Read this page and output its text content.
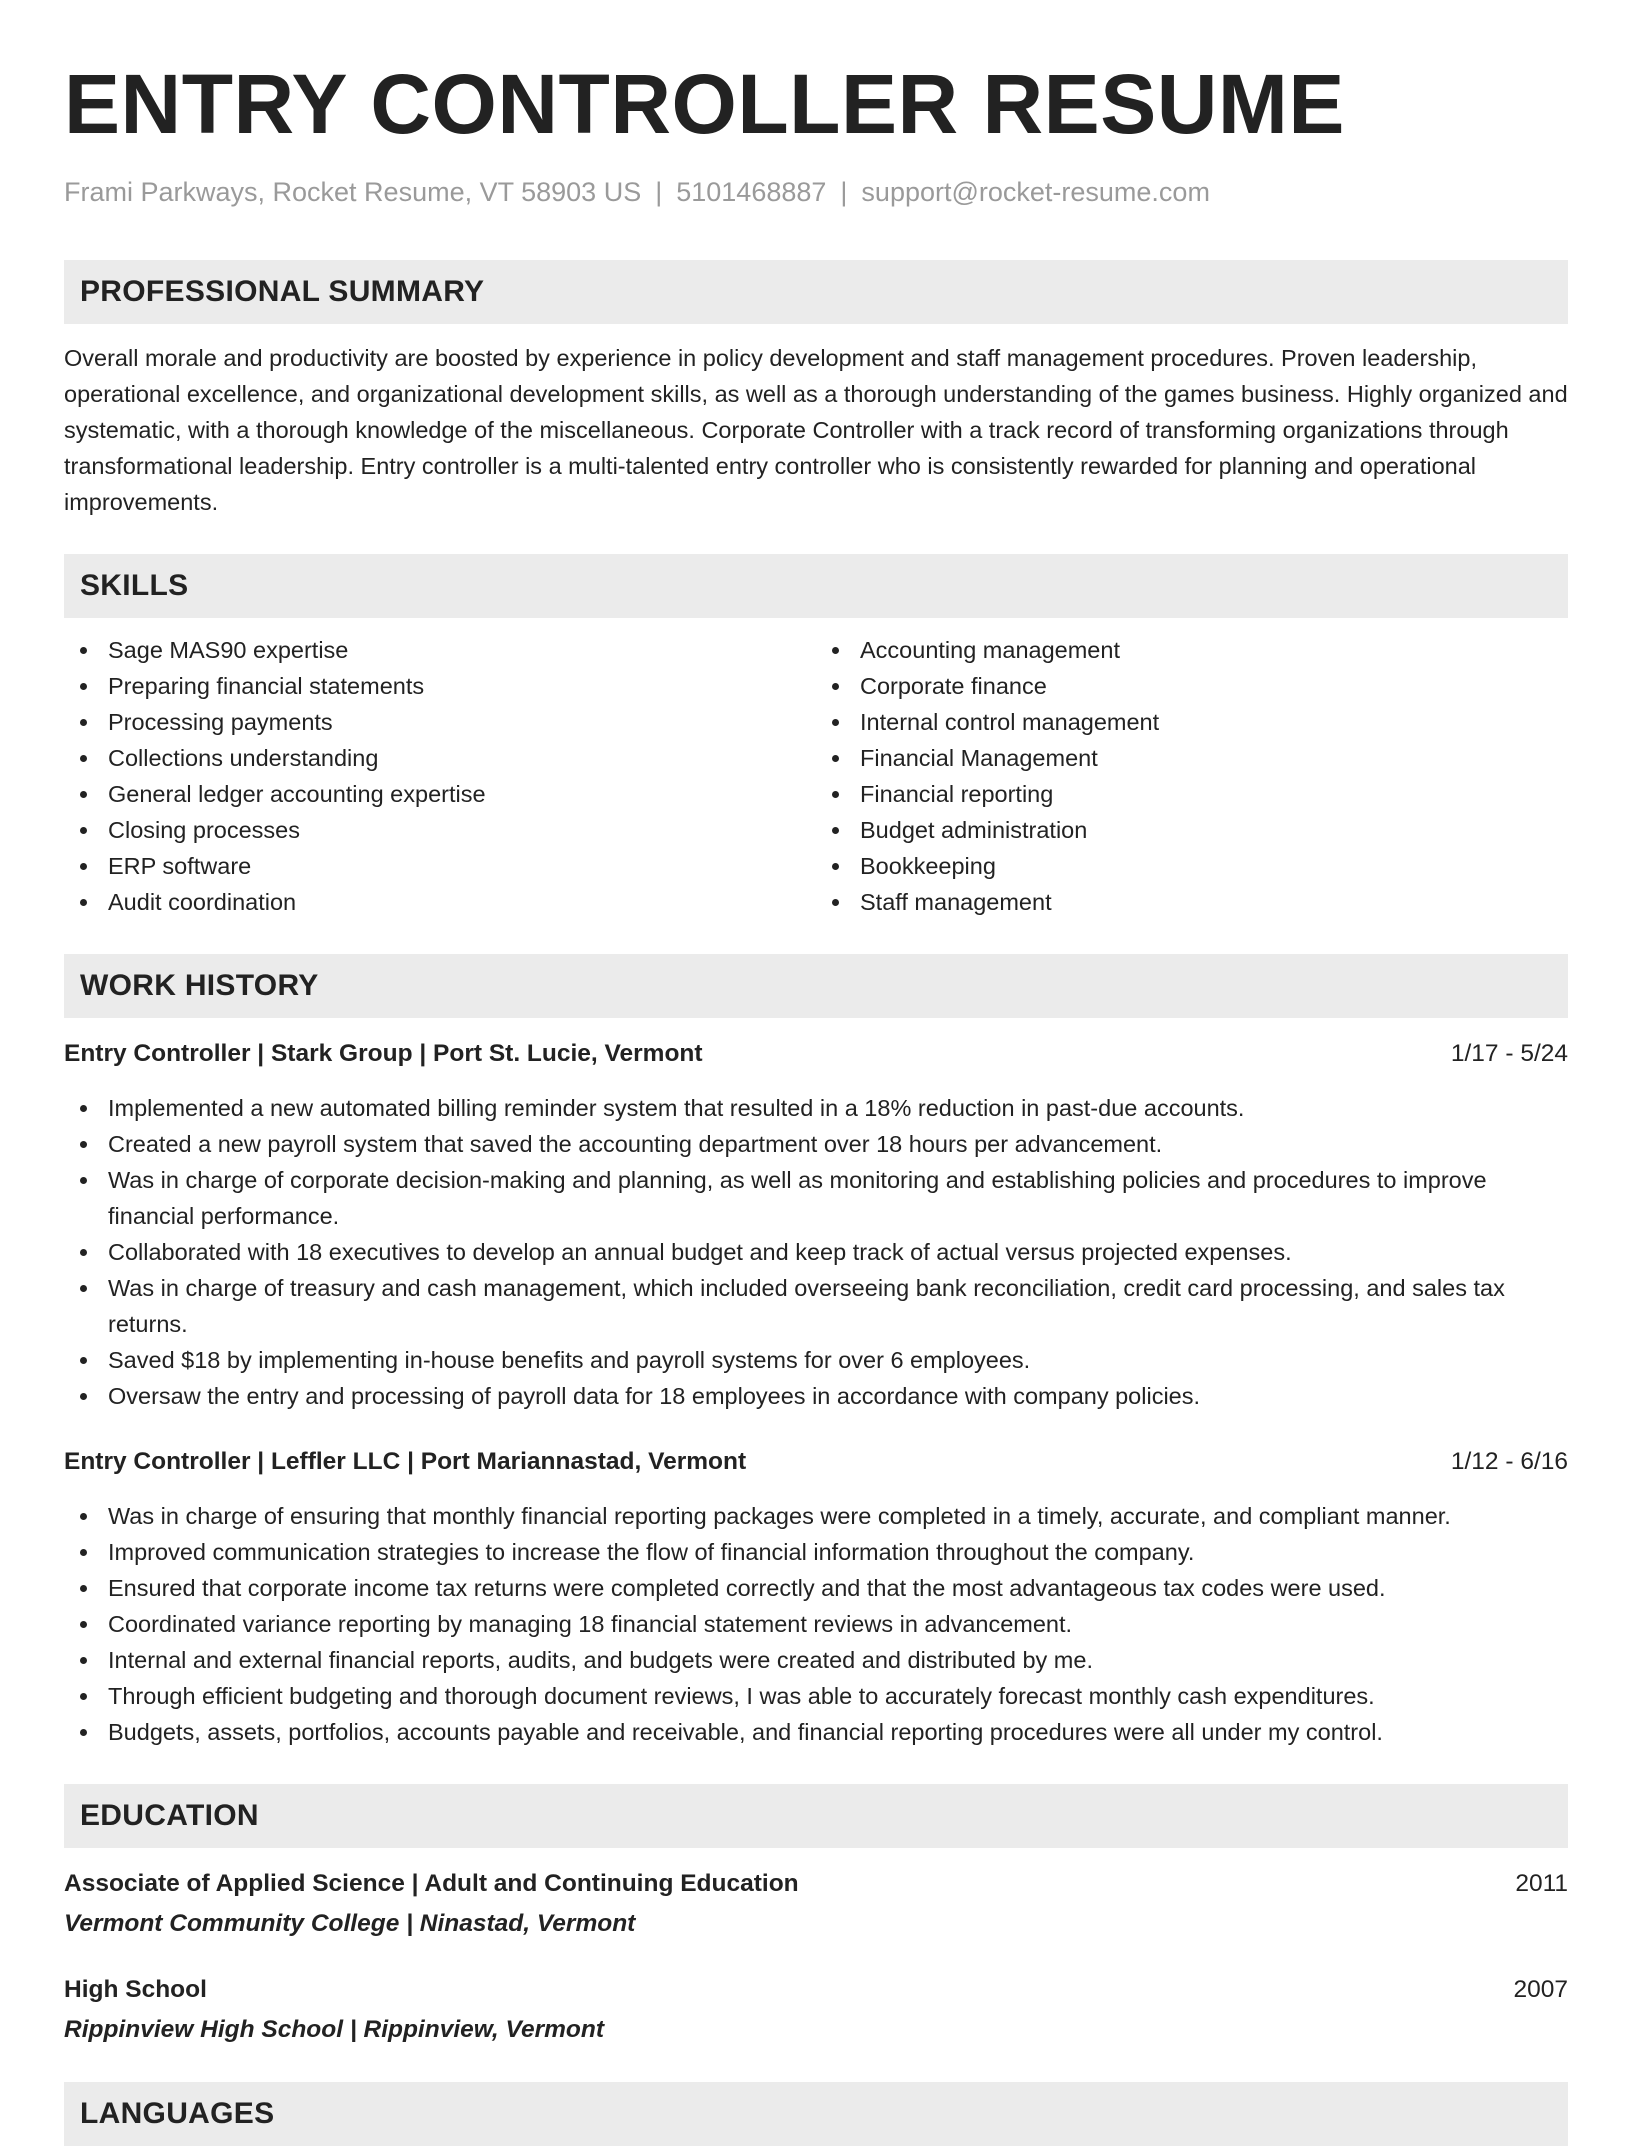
ENTRY CONTROLLER RESUME
Frami Parkways, Rocket Resume, VT 58903 US | 5101468887 | support@rocket-resume.com
PROFESSIONAL SUMMARY

Overall morale and productivity are boosted by experience in policy development and staff management procedures. Proven leadership, operational excellence, and organizational development skills, as well as a thorough understanding of the games business. Highly organized and systematic, with a thorough knowledge of the miscellaneous. Corporate Controller with a track record of transforming organizations through transformational leadership. Entry controller is a multi-talented entry controller who is consistently rewarded for planning and operational improvements.

SKILLS
Sage MAS90 expertise
Preparing financial statements
Processing payments
Collections understanding
General ledger accounting expertise
Closing processes
ERP software
Audit coordination
Accounting management
Corporate finance
Internal control management
Financial Management
Financial reporting
Budget administration
Bookkeeping
Staff management
WORK HISTORY
Entry Controller | Stark Group | Port St. Lucie, Vermont	1/17 - 5/24
Implemented a new automated billing reminder system that resulted in a 18% reduction in past-due accounts.
Created a new payroll system that saved the accounting department over 18 hours per advancement.
Was in charge of corporate decision-making and planning, as well as monitoring and establishing policies and procedures to improve financial performance.
Collaborated with 18 executives to develop an annual budget and keep track of actual versus projected expenses.
Was in charge of treasury and cash management, which included overseeing bank reconciliation, credit card processing, and sales tax returns.
Saved $18 by implementing in-house benefits and payroll systems for over 6 employees.
Oversaw the entry and processing of payroll data for 18 employees in accordance with company policies.
Entry Controller | Leffler LLC | Port Mariannastad, Vermont	1/12 - 6/16
Was in charge of ensuring that monthly financial reporting packages were completed in a timely, accurate, and compliant manner.
Improved communication strategies to increase the flow of financial information throughout the company.
Ensured that corporate income tax returns were completed correctly and that the most advantageous tax codes were used.
Coordinated variance reporting by managing 18 financial statement reviews in advancement.
Internal and external financial reports, audits, and budgets were created and distributed by me.
Through efficient budgeting and thorough document reviews, I was able to accurately forecast monthly cash expenditures.
Budgets, assets, portfolios, accounts payable and receivable, and financial reporting procedures were all under my control.
EDUCATION
Associate of Applied Science | Adult and Continuing Education	2011
Vermont Community College | Ninastad, Vermont
High School	2007
Rippinview High School | Rippinview, Vermont
LANGUAGES
